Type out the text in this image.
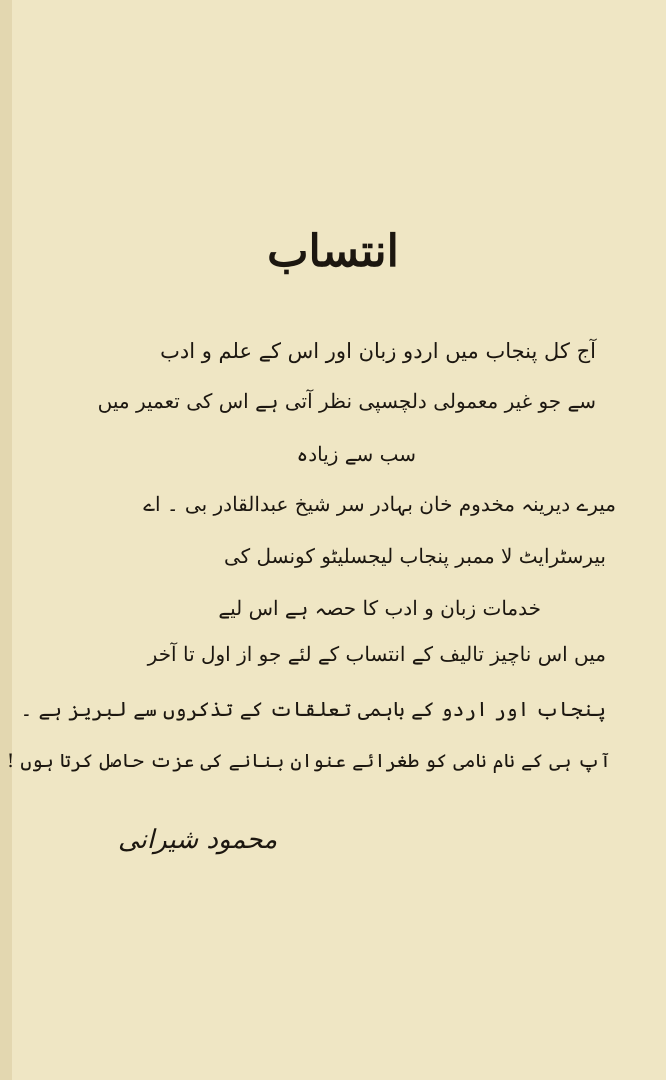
انتساب
آج کل پنجاب میں اردو زبان اور اس کے علم و ادب
سے جو غیر معمولی دلچسپی نظر آتی ہے اس کی تعمیر میں
سب سے زیادہ
میرے دیرینہ مخدوم خان بہادر سر شیخ عبدالقادر بی ۔ اے
بیرسٹرایٹ لا ممبر پنجاب لیجسلیٹو کونسل کی
خدمات زبان و ادب کا حصہ ہے اس لیے
میں اس ناچیز تالیف کے انتساب کے لئے جو از اول تا آخر
پنجاب اور اردو کے باہمی تعلقات کے تذکروں سے لبریز ہے ۔
آپ ہی کے نام نامی کو طغرائے عنوان بنانے کی عزت حاصل کرتا ہوں !
محمود شیرانی
